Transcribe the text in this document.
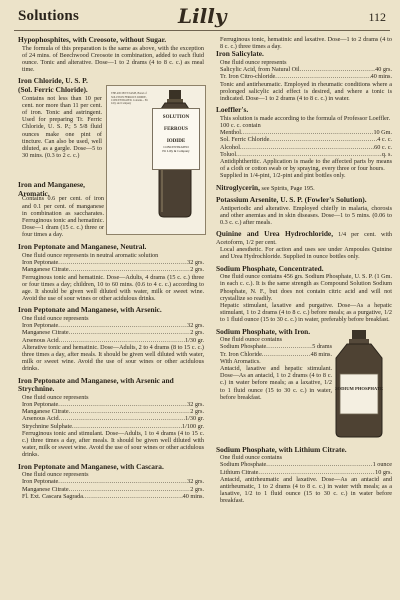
Solutions	Lilly	112

Hypophosphites, with Creosote, without Sugar.

The formula of this preparation is the same as above, with the exception of 24 mins. of Beechwood Creosote in combination, added to each fluid ounce. Tonic and alterative. Dose—1 to 2 drams (4 to 8 c. c.) as meal time.

Iron Chloride, U. S. P. (Sol. Ferric Chloride).

Contains not less than 10 per cent. nor more than 11 per cent. of iron. Tonic and astringent. Used for preparing Tr. Ferric Chloride, U. S. P.; 5 5/8 fluid ounces make one pint of tincture. Can also be used, well diluted, as a gargle. Dose—5 to 30 mins. (0.3 to 2 c. c.)

THE ANCIENT NAME, Brand of SOLUTION FERROUS IODIDE, CONCENTRATED. Contains... Eli Lilly and Company
SOLUTION
FERROUS
IODIDE
CONCENTRATED
Eli Lilly & Company

Iron and Manganese, Aromatic.

Contains 0.6 per cent. of iron and 0.1 per cent. of manganese in combination as saccharates. Ferruginous tonic and hematinic. Dose—1 dram (15 c. c.) three or four times a day.

Iron Peptonate and Manganese, Neutral.

One fluid ounce represents in neutral aromatic solution

Iron Peptonate .....	32 grs.
Manganese Citrate .....	2 grs.

Ferruginous tonic and hematinic. Dose—Adults, 4 drams (15 c. c.) three or four times a day; children, 10 to 60 mins. (0.6 to 4 c. c.) according to age. It should be given well diluted with water, milk or sweet wine. Avoid the use of sour wines or other acidulous drinks.

Iron Peptonate and Manganese, with Arsenic.

One fluid ounce represents

Iron Peptonate .....	32 grs.
Manganese Citrate .....	2 grs.
Arsenous Acid .....	1/30 gr.

Alterative tonic and hematinic. Dose—Adults, 2 to 4 drams (8 to 15 c. c.) three times a day, after meals. It should be given well diluted with water, milk or sweet wine. Avoid the use of sour wines or other acidulous drinks.

Iron Peptonate and Manganese, with Arsenic and Strychnine.

One fluid ounce represents

Iron Peptonate .....	32 grs.
Manganese Citrate .....	2 grs.
Arsenous Acid .....	1/30 gr.
Strychnine Sulphate .....	1/100 gr.

Ferruginous tonic and stimulant. Dose—Adults, 1 to 4 drams (4 to 15 c. c.) three times a day, after meals. It should be given well diluted with water, milk or sweet wine. Avoid the use of sour wines or other acidulous drinks.

Iron Peptonate and Manganese, with Cascara.

One fluid ounce represents

Iron Peptonate .....	32 grs.
Manganese Citrate .....	2 grs.
Fl. Ext. Cascara Sagrada .....	40 mins.

Ferruginous tonic, hematinic and laxative. Dose—1 to 2 drams (4 to 8 c. c.) three times a day.

Iron Salicylate.

One fluid ounce represents

Salicylic Acid, from Natural Oil .....	40 grs.
Tr. Iron Citro-chloride .....	40 mins.

Tonic and antirheumatic. Employed in rheumatic conditions where a prolonged salicylic acid effect is desired, and where a tonic is indicated. Dose—1 to 2 drams (4 to 8 c. c.) in water.

Loeffler's.

This solution is made according to the formula of Professor Loeffler.

100 c. c. contain

Menthol .....	10 Gm.
Sol. Ferric Chloride .....	4 c. c.
Alcohol .....	60 c. c.
Toluol .....	q. s.

Antidiphtheritic. Application is made to the affected parts by means of a cloth or cotton swab or by spraying, every three or four hours.

Supplied in 1/4-pint, 1/2-pint and pint bottles only.

Nitroglycerin, see Spirits, Page 195.

Potassium Arsenite, U. S. P. (Fowler's Solution).

Antiperiodic and alterative. Employed chiefly in malaria, chorosis and other anemias and in skin diseases. Dose—1 to 5 mins. (0.06 to 0.3 c. c.) after meals.

Quinine and Urea Hydrochloride, 1/4 per cent. with Acetoform, 1/2 per cent.

Local anesthetic. For action and uses see under Ampoules Quinine and Urea Hydrochloride. Supplied in ounce bottles only.

Sodium Phosphate, Concentrated.

One fluid ounce contains 456 grs. Sodium Phosphate, U. S. P. (1 Gm. in each c. c.). It is the same strength as Compound Solution Sodium Phosphate, N. F., but does not contain citric acid and will not crystallize so readily.

Hepatic stimulant, laxative and purgative. Dose—As a hepatic stimulant, 1 to 2 drams (4 to 8 c. c.) before meals; as a purgative, 1/2 to 1 fluid ounce (15 to 30 c. c.) in water, preferably before breakfast.

Sodium Phosphate, with Iron.

One fluid ounce contains

Sodium Phosphate .....	5 drams
Tr. Iron Chloride .....	48 mins.

With Aromatics.

Antacid, laxative and hepatic stimulant. Dose—As an antacid, 1 to 2 drams (4 to 8 c. c.) in water before meals; as a laxative, 1/2 to 1 fluid ounce (15 to 30 c. c.) in water, before breakfast.

SODIUM PHOSPHATE

Sodium Phosphate, with Lithium Citrate.

One fluid ounce contains

Sodium Phosphate .....	1 ounce
Lithium Citrate .....	10 grs.

Antacid, antirheumatic and laxative. Dose—As an antacid and antirheumatic, 1 to 2 drams (4 to 8 c. c.) in water with meals; as a laxative, 1/2 to 1 fluid ounce (15 to 30 c. c.) in water before breakfast.
